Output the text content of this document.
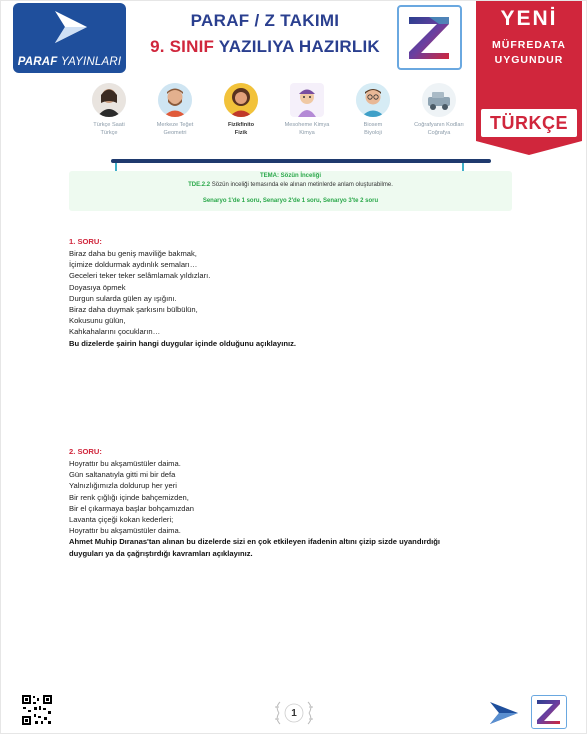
PARAF YAYINLARI
PARAF / Z TAKIMI
9. SINIF YAZILIYA HAZIRLIK
YENİ
MÜFREDATA
UYGUNDUR
TÜRKÇE
Türkçe Saati
Türkçe
Merkeze Teğet
Geometri
Fizikfinito
Fizik
Mesoheme Kimya
Kimya
Biosem
Biyoloji
Coğrafyanın Kodları
Coğrafya
TEMA: Sözün İnceliği
TDE.2.2 Sözün inceliği temasında ele alınan metinlerde anlam oluşturabilme.
Senaryo 1'de 1 soru, Senaryo 2'de 1 soru, Senaryo 3'te 2 soru
1. SORU:
Biraz daha bu geniş maviliğe bakmak,
İçimize doldurmak aydınlık semaları…
Geceleri teker teker selâmlamak yıldızları.
Doyasıya öpmek
Durgun sularda gülen ay ışığını.
Biraz daha duymak şarkısını bülbülün,
Kokusunu gülün,
Kahkahalarını çocukların…
Bu dizelerde şairin hangi duygular içinde olduğunu açıklayınız.
2. SORU:
Hoyrattır bu akşamüstüler daima.
Gün saltanatıyla gitti mi bir defa
Yalnızlığımızla doldurup her yeri
Bir renk çığlığı içinde bahçemizden,
Bir el çıkarmaya başlar bohçamızdan
Lavanta çiçeği kokan kederleri;
Hoyrattır bu akşamüstüler daima.
Ahmet Muhip Dıranas'tan alınan bu dizelerde sizi en çok etkileyen ifadenin altını çizip sizde uyandırdığı
duyguları ya da çağrıştırdığı kavramları açıklayınız.
1
